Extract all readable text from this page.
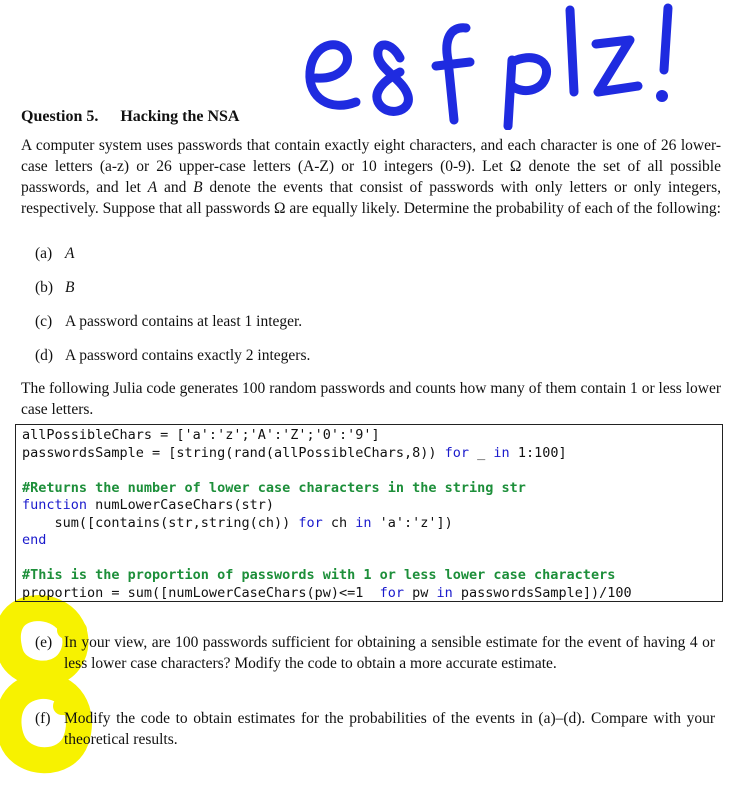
Question 5. Hacking the NSA
A computer system uses passwords that contain exactly eight characters, and each character is one of 26 lower-case letters (a-z) or 26 upper-case letters (A-Z) or 10 integers (0-9). Let Ω denote the set of all possible passwords, and let A and B denote the events that consist of passwords with only letters or only integers, respectively. Suppose that all passwords Ω are equally likely. Determine the probability of each of the following:
(a) A
(b) B
(c) A password contains at least 1 integer.
(d) A password contains exactly 2 integers.
The following Julia code generates 100 random passwords and counts how many of them contain 1 or less lower case letters.
allPossibleChars = ['a':'z';'A':'Z';'0':'9']
passwordsSample = [string(rand(allPossibleChars,8)) for _ in 1:100]
#Returns the number of lower case characters in the string str
function numLowerCaseChars(str)
sum([contains(str,string(ch)) for ch in 'a':'z'])
end
#This is the proportion of passwords with 1 or less lower case characters
proportion = sum([numLowerCaseChars(pw)<=1  for pw in passwordsSample])/100
(e) In your view, are 100 passwords sufficient for obtaining a sensible estimate for the event of having 4 or less lower case characters? Modify the code to obtain a more accurate estimate.
(f) Modify the code to obtain estimates for the probabilities of the events in (a)–(d). Compare with your theoretical results.
